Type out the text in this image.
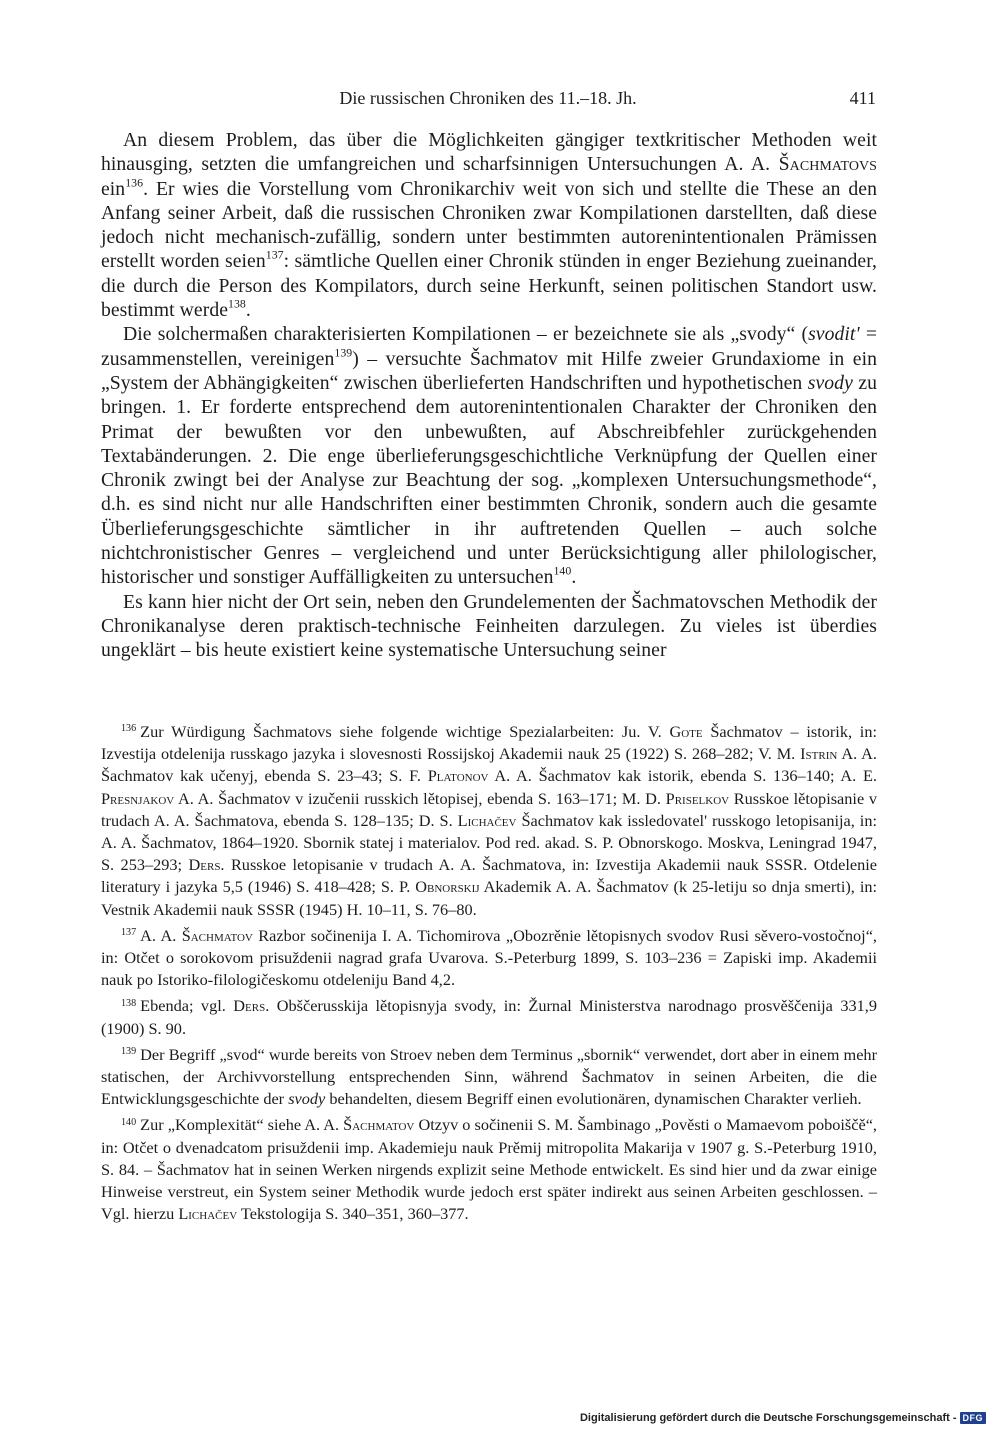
Die russischen Chroniken des 11.–18. Jh.	411

An diesem Problem, das über die Möglichkeiten gängiger textkritischer Methoden weit hinausging, setzten die umfangreichen und scharfsinnigen Untersuchungen A. A. Šachmatovs ein$^{136}$. Er wies die Vorstellung vom Chronikarchiv weit von sich und stellte die These an den Anfang seiner Arbeit, daß die russischen Chroniken zwar Kompilationen darstellten, daß diese jedoch nicht mechanisch-zufällig, sondern unter bestimmten autorenintentionalen Prämissen erstellt worden seien$^{137}$: sämtliche Quellen einer Chronik stünden in enger Beziehung zueinander, die durch die Person des Kompilators, durch seine Herkunft, seinen politischen Standort usw. bestimmt werde$^{138}$.

Die solchermaßen charakterisierten Kompilationen – er bezeichnete sie als „svody“ (svodit' = zusammenstellen, vereinigen$^{139}$) – versuchte Šachmatov mit Hilfe zweier Grundaxiome in ein „System der Abhängigkeiten“ zwischen überlieferten Handschriften und hypothetischen svody zu bringen. 1. Er forderte entsprechend dem autorenintentionalen Charakter der Chroniken den Primat der bewußten vor den unbewußten, auf Abschreibfehler zurückgehenden Textabänderungen. 2. Die enge überlieferungsgeschichtliche Verknüpfung der Quellen einer Chronik zwingt bei der Analyse zur Beachtung der sog. „komplexen Untersuchungsmethode“, d.h. es sind nicht nur alle Handschriften einer bestimmten Chronik, sondern auch die gesamte Überlieferungsgeschichte sämtlicher in ihr auftretenden Quellen – auch solche nichtchronistischer Genres – vergleichend und unter Berücksichtigung aller philologischer, historischer und sonstiger Auffälligkeiten zu untersuchen$^{140}$.

Es kann hier nicht der Ort sein, neben den Grundelementen der Šachmatovschen Methodik der Chronikanalyse deren praktisch-technische Feinheiten darzulegen. Zu vieles ist überdies ungeklärt – bis heute existiert keine systematische Untersuchung seiner

$^{136}$ Zur Würdigung Šachmatovs siehe folgende wichtige Spezialarbeiten: Ju. V. Gote Šachmatov – istorik, in: Izvestija otdelenija russkago jazyka i slovesnosti Rossijskoj Akademii nauk 25 (1922) S. 268–282; V. M. Istrin A. A. Šachmatov kak učenyj, ebenda S. 23–43; S. F. Platonov A. A. Šachmatov kak istorik, ebenda S. 136–140; A. E. Presnjakov A. A. Šachmatov v izučenii russkich lětopisej, ebenda S. 163–171; M. D. Priselkov Russkoe lětopisanie v trudach A. A. Šachmatova, ebenda S. 128–135; D. S. Lichačev Šachmatov kak issledovatel' russkogo letopisanija, in: A. A. Šachmatov, 1864–1920. Sbornik statej i materialov. Pod red. akad. S. P. Obnorskogo. Moskva, Leningrad 1947, S. 253–293; Ders. Russkoe letopisanie v trudach A. A. Šachmatova, in: Izvestija Akademii nauk SSSR. Otdelenie literatury i jazyka 5,5 (1946) S. 418–428; S. P. Obnorskij Akademik A. A. Šachmatov (k 25-letiju so dnja smerti), in: Vestnik Akademii nauk SSSR (1945) H. 10–11, S. 76–80.

$^{137}$ A. A. Šachmatov Razbor sočinenija I. A. Tichomirova „Obozrěnie lětopisnych svodov Rusi sěvero-vostočnoj“, in: Otčet o sorokovom prisuždenii nagrad grafa Uvarova. S.-Peterburg 1899, S. 103–236 = Zapiski imp. Akademii nauk po Istoriko-filologičeskomu otdeleniju Band 4,2.

$^{138}$ Ebenda; vgl. Ders. Obščerusskija lětopisnyja svody, in: Žurnal Ministerstva narodnago prosvěščenija 331,9 (1900) S. 90.

$^{139}$ Der Begriff „svod“ wurde bereits von Stroev neben dem Terminus „sbornik“ verwendet, dort aber in einem mehr statischen, der Archivvorstellung entsprechenden Sinn, während Šachmatov in seinen Arbeiten, die die Entwicklungsgeschichte der svody behandelten, diesem Begriff einen evolutionären, dynamischen Charakter verlieh.

$^{140}$ Zur „Komplexität“ siehe A. A. Šachmatov Otzyv o sočinenii S. M. Šambinago „Pověsti o Mamaevom poboiščě“, in: Otčet o dvenadcatom prisuždenii imp. Akademieju nauk Prěmij mitropolita Makarija v 1907 g. S.-Peterburg 1910, S. 84. – Šachmatov hat in seinen Werken nirgends explizit seine Methode entwickelt. Es sind hier und da zwar einige Hinweise verstreut, ein System seiner Methodik wurde jedoch erst später indirekt aus seinen Arbeiten geschlossen. – Vgl. hierzu Lichačev Tekstologija S. 340–351, 360–377.

Digitalisierung gefördert durch die Deutsche Forschungsgemeinschaft - DFG
